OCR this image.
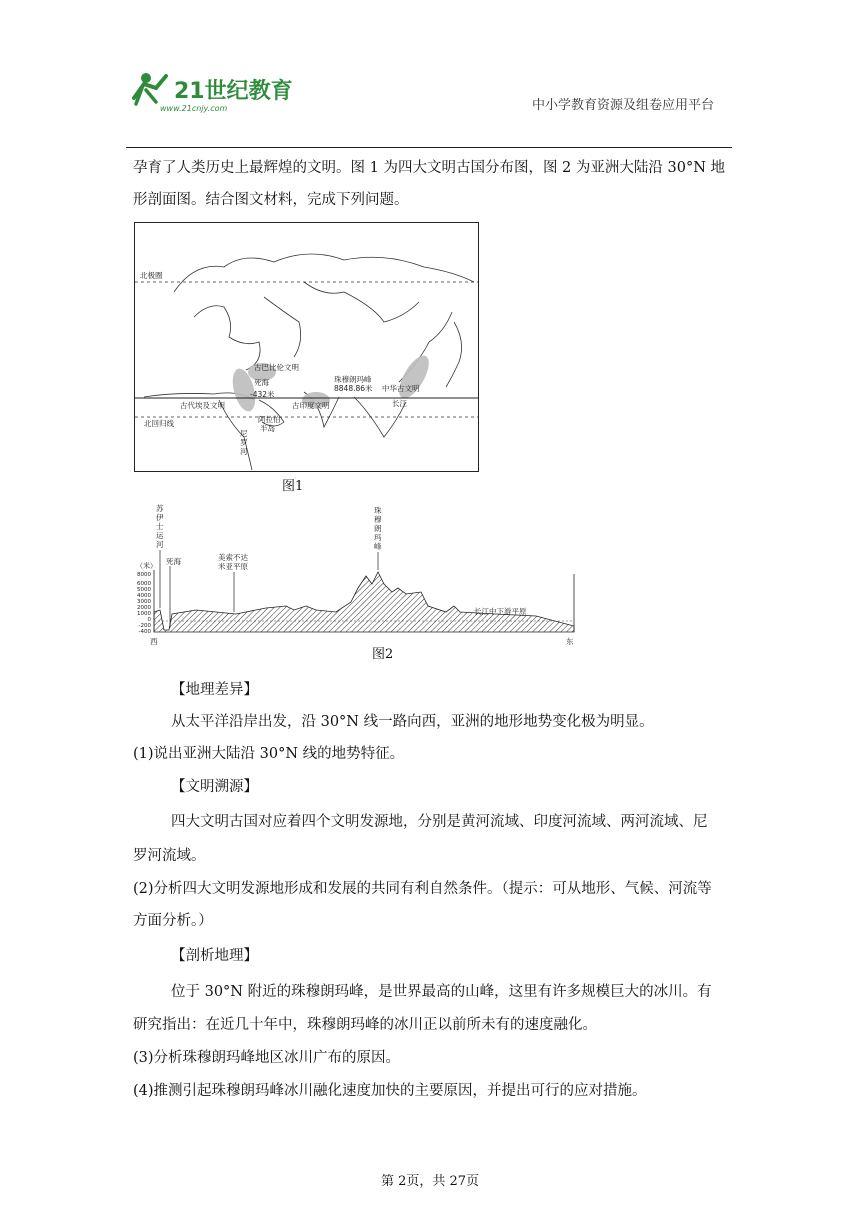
21世纪教育
www.21cnjy.com	中小学教育资源及组卷应用平台
孕育了人类历史上最辉煌的文明。图 1 为四大文明古国分布图，图 2 为亚洲大陆沿 30°N 地
形剖面图。结合图文材料，完成下列问题。
北极圈
古巴比伦文明
死海
-432米
古代埃及文明	古印度文明
珠穆朗玛峰
8848.86米 中华古文明
长江
北回归线	阿拉伯
半岛
尼
罗
河
图1
8000
6000
5000
4000
3000
2000
1000
0
-200
-400
（米）
苏
伊
士
运
河
珠
穆
朗
玛
峰
死海	美索不达
米亚平原
长江中下游平原
西	东
图2
【地理差异】
从太平洋沿岸出发，沿 30°N 线一路向西，亚洲的地形地势变化极为明显。
(1)说出亚洲大陆沿 30°N 线的地势特征。
【文明溯源】
四大文明古国对应着四个文明发源地，分别是黄河流域、印度河流域、两河流域、尼
罗河流域。
(2)分析四大文明发源地形成和发展的共同有利自然条件。（提示：可从地形、气候、河流等
方面分析。）
【剖析地理】
位于 30°N 附近的珠穆朗玛峰，是世界最高的山峰，这里有许多规模巨大的冰川。有
研究指出：在近几十年中，珠穆朗玛峰的冰川正以前所未有的速度融化。
(3)分析珠穆朗玛峰地区冰川广布的原因。
(4)推测引起珠穆朗玛峰冰川融化速度加快的主要原因，并提出可行的应对措施。
第 2页，共 27页
